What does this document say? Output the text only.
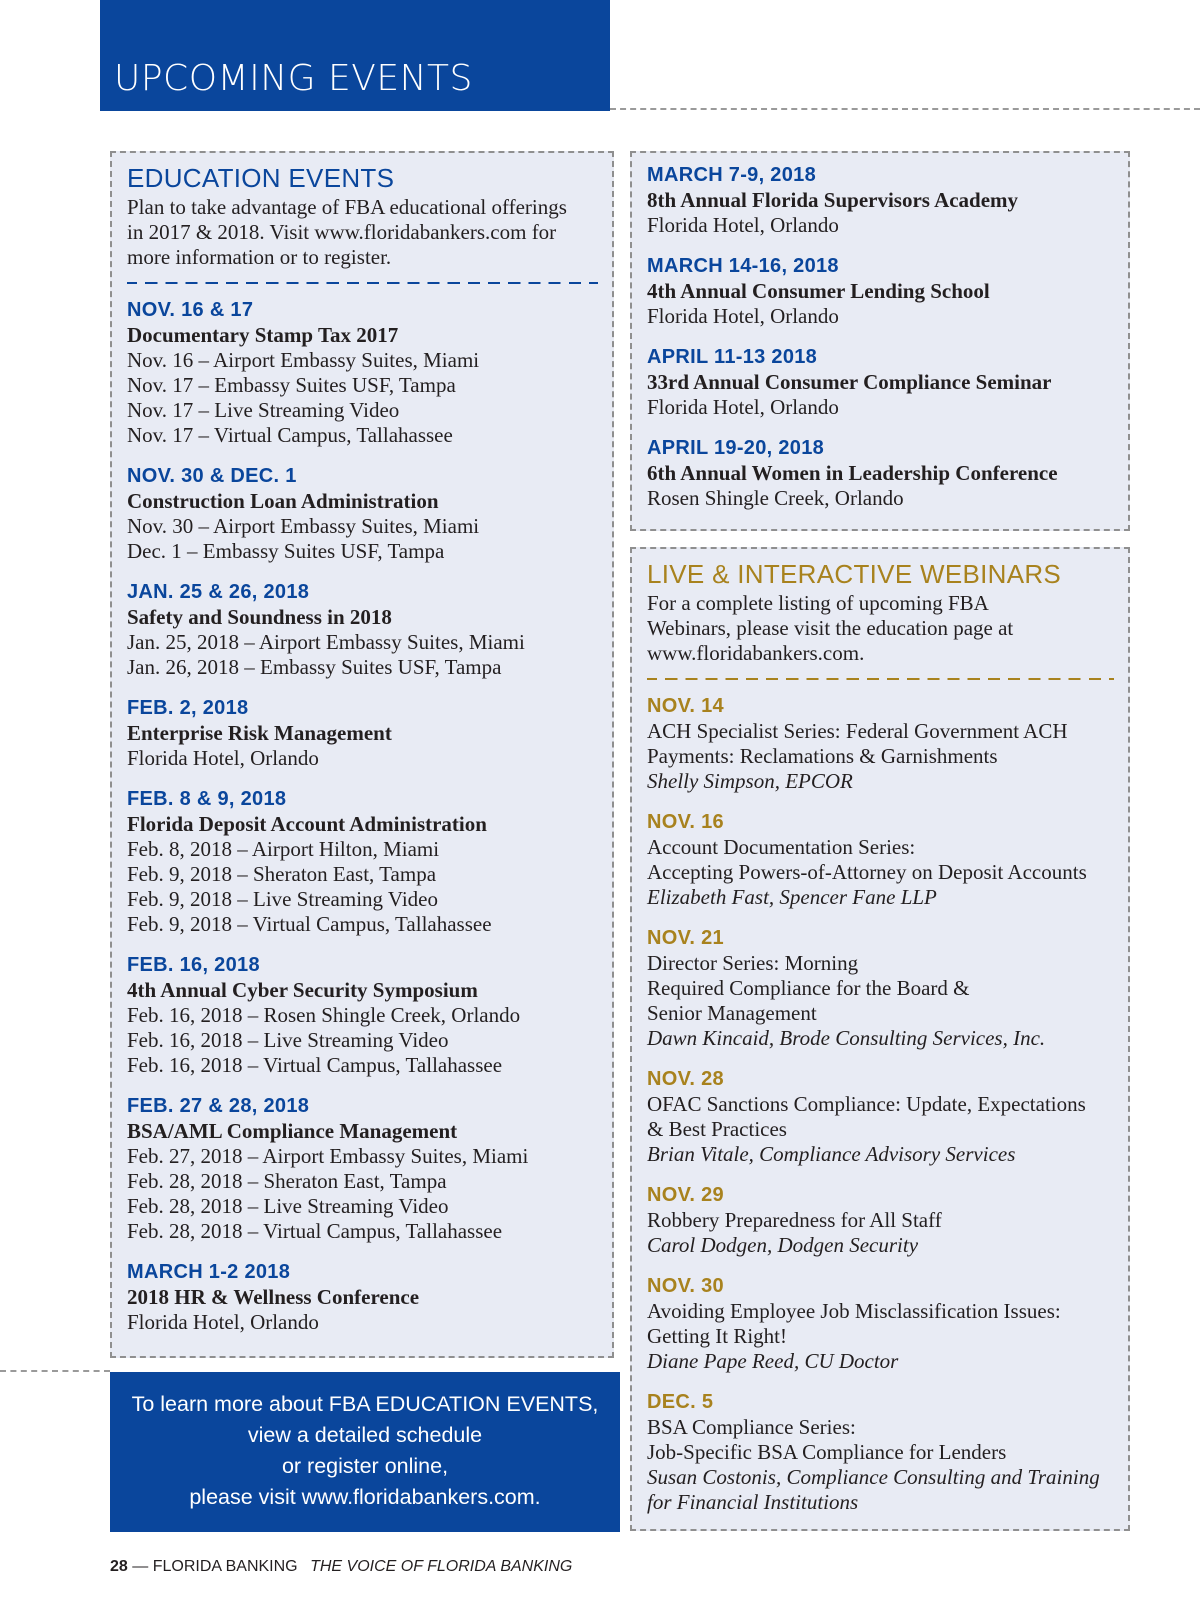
UPCOMING EVENTS
EDUCATION EVENTS
Plan to take advantage of FBA educational offerings
in 2017 & 2018. Visit www.floridabankers.com for
more information or to register.
NOV. 16 & 17
Documentary Stamp Tax 2017
Nov. 16 – Airport Embassy Suites, Miami
Nov. 17 – Embassy Suites USF, Tampa
Nov. 17 – Live Streaming Video
Nov. 17 – Virtual Campus, Tallahassee
NOV. 30 & DEC. 1
Construction Loan Administration
Nov. 30 – Airport Embassy Suites, Miami
Dec. 1 – Embassy Suites USF, Tampa
JAN. 25 & 26, 2018
Safety and Soundness in 2018
Jan. 25, 2018 – Airport Embassy Suites, Miami
Jan. 26, 2018 – Embassy Suites USF, Tampa
FEB. 2, 2018
Enterprise Risk Management
Florida Hotel, Orlando
FEB. 8 & 9, 2018
Florida Deposit Account Administration
Feb. 8, 2018 – Airport Hilton, Miami
Feb. 9, 2018 – Sheraton East, Tampa
Feb. 9, 2018 – Live Streaming Video
Feb. 9, 2018 – Virtual Campus, Tallahassee
FEB. 16, 2018
4th Annual Cyber Security Symposium
Feb. 16, 2018 – Rosen Shingle Creek, Orlando
Feb. 16, 2018 – Live Streaming Video
Feb. 16, 2018 – Virtual Campus, Tallahassee
FEB. 27 & 28, 2018
BSA/AML Compliance Management
Feb. 27, 2018 – Airport Embassy Suites, Miami
Feb. 28, 2018 – Sheraton East, Tampa
Feb. 28, 2018 – Live Streaming Video
Feb. 28, 2018 – Virtual Campus, Tallahassee
MARCH 1-2 2018
2018 HR & Wellness Conference
Florida Hotel, Orlando
MARCH 7-9, 2018
8th Annual Florida Supervisors Academy
Florida Hotel, Orlando
MARCH 14-16, 2018
4th Annual Consumer Lending School
Florida Hotel, Orlando
APRIL 11-13 2018
33rd Annual Consumer Compliance Seminar
Florida Hotel, Orlando
APRIL 19-20, 2018
6th Annual Women in Leadership Conference
Rosen Shingle Creek, Orlando
LIVE & INTERACTIVE WEBINARS
For a complete listing of upcoming FBA
Webinars, please visit the education page at
www.floridabankers.com.
NOV. 14
ACH Specialist Series: Federal Government ACH
Payments: Reclamations & Garnishments
Shelly Simpson, EPCOR
NOV. 16
Account Documentation Series:
Accepting Powers-of-Attorney on Deposit Accounts
Elizabeth Fast, Spencer Fane LLP
NOV. 21
Director Series: Morning
Required Compliance for the Board &
Senior Management
Dawn Kincaid, Brode Consulting Services, Inc.
NOV. 28
OFAC Sanctions Compliance: Update, Expectations
& Best Practices
Brian Vitale, Compliance Advisory Services
NOV. 29
Robbery Preparedness for All Staff
Carol Dodgen, Dodgen Security
NOV. 30
Avoiding Employee Job Misclassification Issues:
Getting It Right!
Diane Pape Reed, CU Doctor
DEC. 5
BSA Compliance Series:
Job-Specific BSA Compliance for Lenders
Susan Costonis, Compliance Consulting and Training
for Financial Institutions
To learn more about FBA EDUCATION EVENTS,
view a detailed schedule
or register online,
please visit www.floridabankers.com.
28 — FLORIDA BANKING THE VOICE OF FLORIDA BANKING
